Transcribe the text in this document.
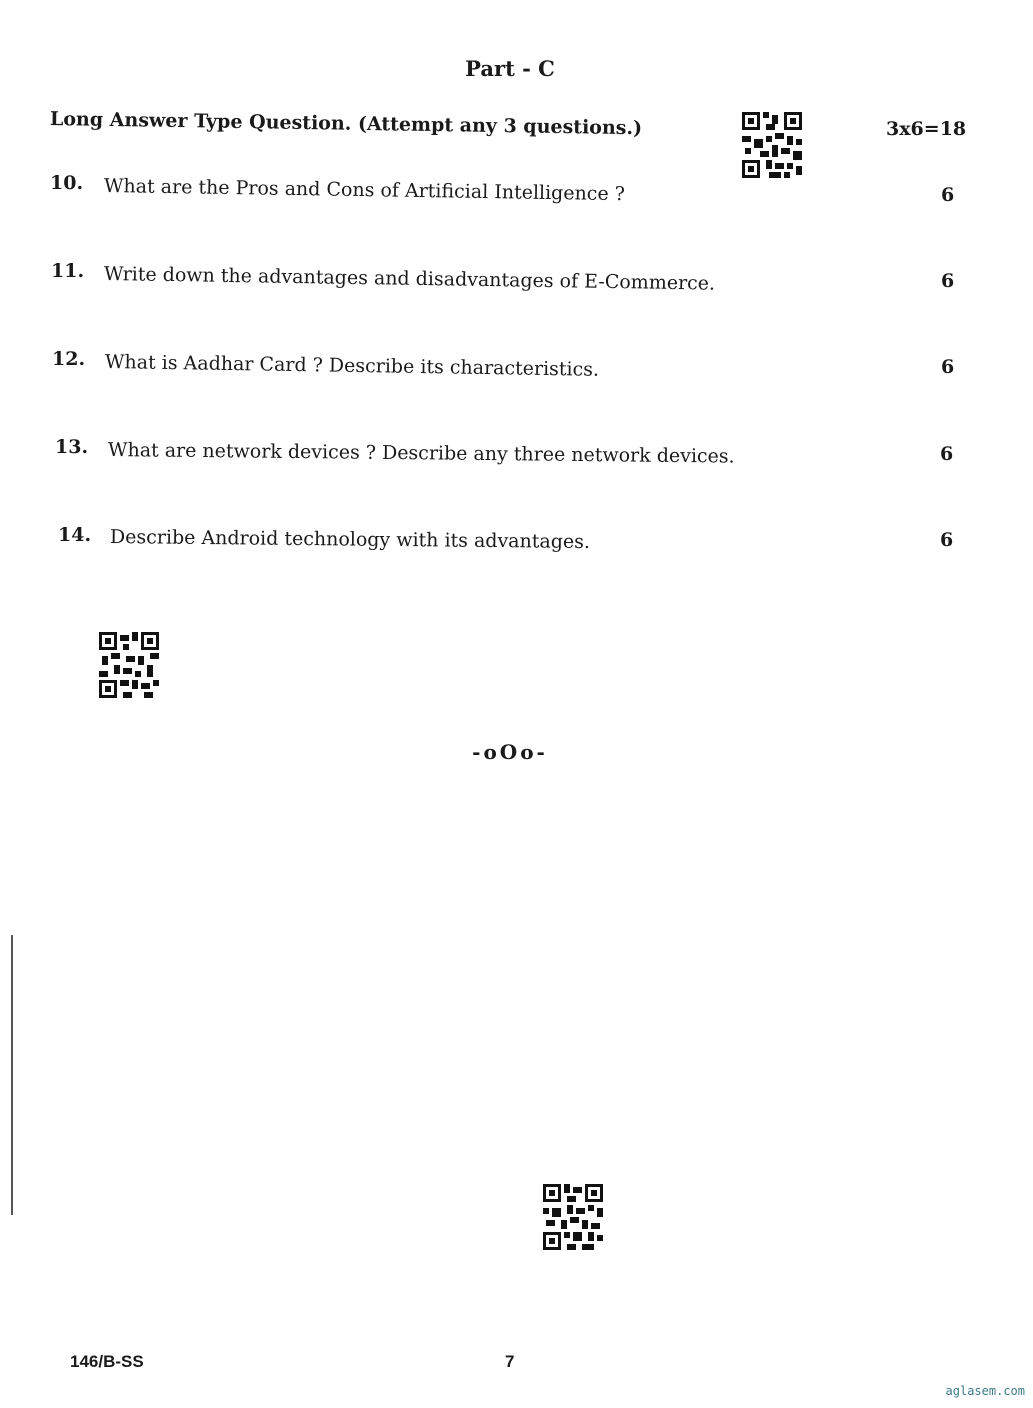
Part - C
Long Answer Type Question. (Attempt any 3 questions.)	3x6=18
10. What are the Pros and Cons of Artificial Intelligence ?	6
11. Write down the advantages and disadvantages of E-Commerce.	6
12. What is Aadhar Card ? Describe its characteristics.	6
13. What are network devices ? Describe any three network devices.	6
14. Describe Android technology with its advantages.	6
-oOo-
146/B-SS	7
aglasem.com
